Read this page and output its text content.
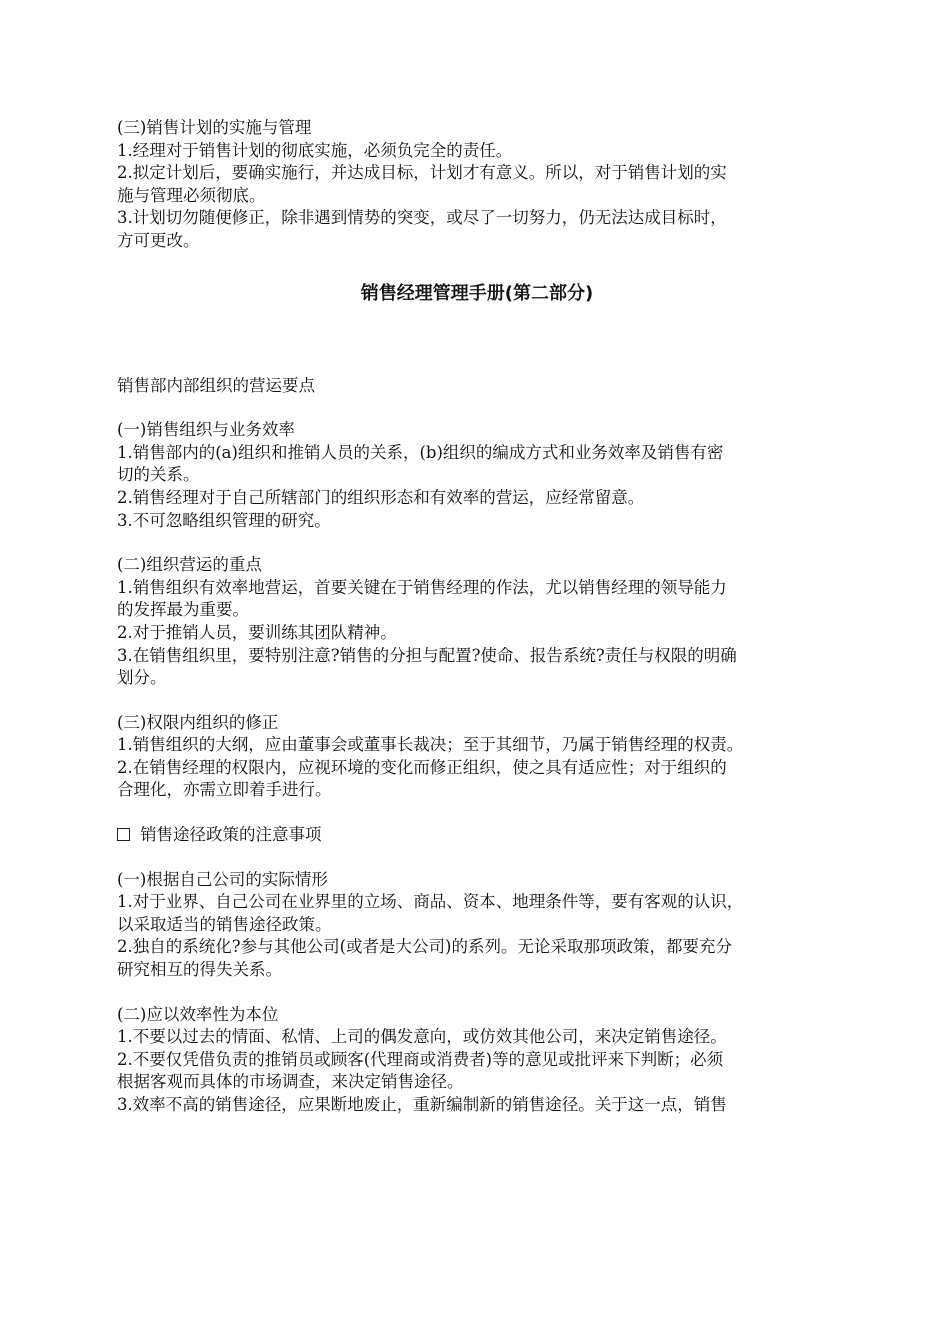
(三)销售计划的实施与管理

1.经理对于销售计划的彻底实施，必须负完全的责任。

2.拟定计划后，要确实施行，并达成目标，计划才有意义。所以，对于销售计划的实

施与管理必须彻底。

3.计划切勿随便修正，除非遇到情势的突变，或尽了一切努力，仍无法达成目标时，

方可更改。

销售经理管理手册(第二部分)

销售部内部组织的营运要点

(一)销售组织与业务效率

1.销售部内的(a)组织和推销人员的关系，(b)组织的编成方式和业务效率及销售有密

切的关系。

2.销售经理对于自己所辖部门的组织形态和有效率的营运，应经常留意。

3.不可忽略组织管理的研究。

(二)组织营运的重点

1.销售组织有效率地营运，首要关键在于销售经理的作法，尤以销售经理的领导能力

的发挥最为重要。

2.对于推销人员，要训练其团队精神。

3.在销售组织里，要特别注意?销售的分担与配置?使命、报告系统?责任与权限的明确

划分。

(三)权限内组织的修正

1.销售组织的大纲，应由董事会或董事长裁决；至于其细节，乃属于销售经理的权责。

2.在销售经理的权限内，应视环境的变化而修正组织，使之具有适应性；对于组织的

合理化，亦需立即着手进行。

销售途径政策的注意事项

(一)根据自己公司的实际情形

1.对于业界、自己公司在业界里的立场、商品、资本、地理条件等，要有客观的认识，

以采取适当的销售途径政策。

2.独自的系统化?参与其他公司(或者是大公司)的系列。无论采取那项政策，都要充分

研究相互的得失关系。

(二)应以效率性为本位

1.不要以过去的情面、私情、上司的偶发意向，或仿效其他公司，来决定销售途径。

2.不要仅凭借负责的推销员或顾客(代理商或消费者)等的意见或批评来下判断；必须

根据客观而具体的市场调查，来决定销售途径。

3.效率不高的销售途径，应果断地废止，重新编制新的销售途径。关于这一点，销售
